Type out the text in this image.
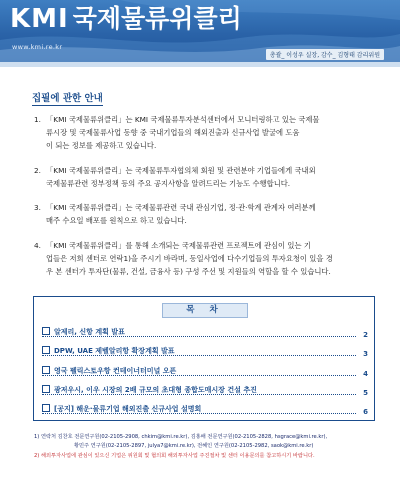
KMI 국제물류위클리
www.kmi.re.kr
총괄_ 이성우 실장, 감수_ 김형태 감리위원
집필에 관한 안내
1. 「KMI 국제물류위클리」는 KMI 국제물류투자분석센터에서 모니터링하고 있는 국제물
류시장 및 국제물류사업 동향 중 국내기업들의 해외진출과 신규사업 발굴에 도움
이 되는 정보를 제공하고 있습니다.
2. 「KMI 국제물류위클리」는 국제물류투자협의체 회원 및 관련분야 기업들에게 국내외
국제물류관련 정부정책 등의 주요 공지사항을 알려드리는 기능도 수행합니다.
3. 「KMI 국제물류위클리」는 국제물류관련 국내 관심기업, 정·관·학계 관계자 여러분께
매주 수요일 배포를 원칙으로 하고 있습니다.
4. 「KMI 국제물류위클리」를 통해 소개되는 국제물류관련 프로젝트에 관심이 있는 기
업들은 저희 센터로 연락1)을 주시기 바라며, 동일사업에 다수기업들의 투자요청이 있을 경
우 본 센터가 투자단(물류, 건설, 금융사 등) 구성 주선 및 지원들의 역할을 할 수 있습니다.
목 차
알제리, 신항 계획 발표	2
DPW, UAE 제벨알리항 확장계획 발표	3
영국 펠릭스토우항 컨테이너터미널 오픈	4
광저우시, 이우 시장의 2배 규모의 초대형 종합도매시장 건설 추진	5
[공지] 해운·물류기업 해외진출 신규사업 설명회	6
1) 연락처 김찬호 전문연구원(02-2105-2908, chkim@kmi.re.kr), 김홍배 전문연구원(02-2105-2828, hsgrace@kmi.re.kr),
황민주 연구원(02-2105-2897, julya7@kmi.re.kr), 전혜인 연구원(02-2105-2982, saok@kmi.re.kr)
2) 해외투자사업에 관심이 있으신 기업은 위원회 및 협의회 해외투자사업 주진절차 및 센터 이용문의를 참고하시기 바랍니다.
